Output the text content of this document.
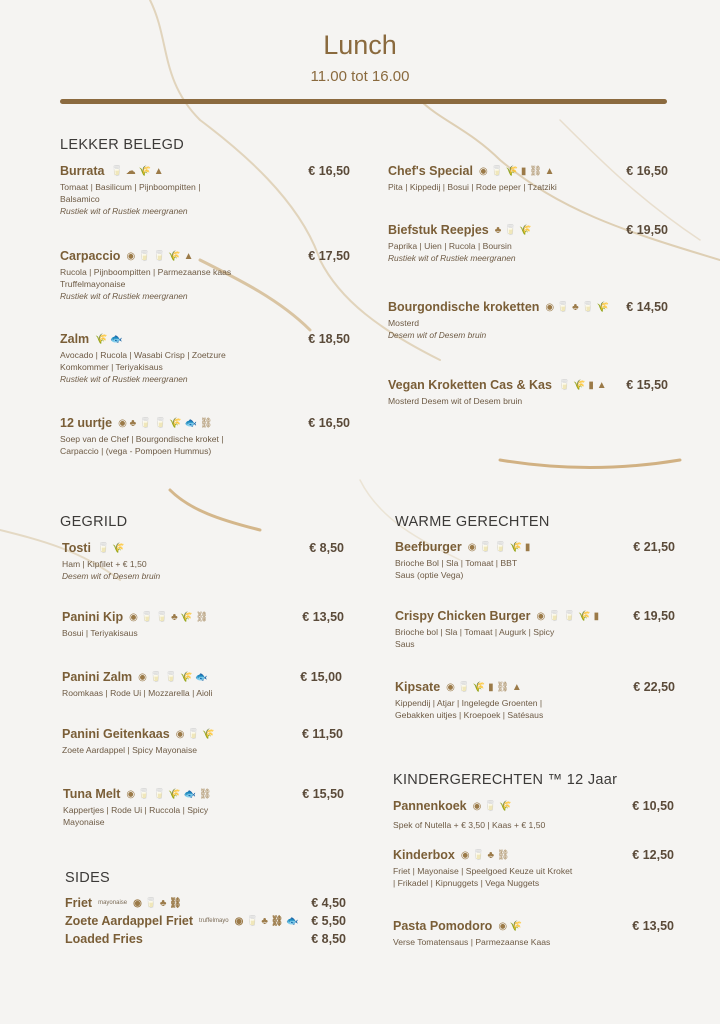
Lunch
11.00 tot 16.00
LEKKER BELEGD
GEGRILD	WARME GERECHTEN
KINDERGERECHTEN ™ 12 Jaar
SIDES
Burrata 🥛 ☁ 🌾 ▲	€ 16,50
Tomaat | Basilicum | Pijnboompitten | Balsamico
Rustiek wit of Rustiek meergranen
Carpaccio ◉ 🥛 🥛 🌾 ▲	€ 17,50
Rucola | Pijnboompitten | Parmezaanse kaas Truffelmayonaise
Rustiek wit of Rustiek meergranen
Zalm 🌾 🐟	€ 18,50
Avocado | Rucola | Wasabi Crisp | Zoetzure Komkommer | Teriyakisaus
Rustiek wit of Rustiek meergranen
12 uurtje ◉ ♣ 🥛 🥛 🌾 🐟 ⛓	€ 16,50
Soep van de Chef | Bourgondische kroket | Carpaccio | (vega - Pompoen Hummus)
Chef's Special ◉ 🥛 🌾 ▮ ⛓ ▲	€ 16,50
Pita | Kippedij | Bosui | Rode peper | Tzatziki
Biefstuk Reepjes ♣ 🥛 🌾	€ 19,50
Paprika | Uien | Rucola | Boursin
Rustiek wit of Rustiek meergranen
Bourgondische kroketten ◉ 🥛 ♣ 🥛 🌾 € 14,50
Mosterd
Desem wit of Desem bruin
Vegan Kroketten Cas & Kas 🥛 🌾 ▮ ▲ € 15,50
Mosterd Desem wit of Desem bruin
Tosti 🥛 🌾	€ 8,50
Ham | Kipfilet + € 1,50
Desem wit of Desem bruin
Panini Kip ◉ 🥛 🥛 ♣ 🌾 ⛓	€ 13,50
Bosui | Teriyakisaus
Panini Zalm ◉ 🥛 🥛 🌾 🐟	€ 15,00
Roomkaas | Rode Ui | Mozzarella | Aioli
Panini Geitenkaas ◉ 🥛 🌾	€ 11,50
Zoete Aardappel | Spicy Mayonaise
Tuna Melt ◉ 🥛 🥛 🌾 🐟 ⛓	€ 15,50
Kappertjes | Rode Ui | Ruccola | Spicy Mayonaise
Beefburger ◉ 🥛 🥛 🌾 ▮	€ 21,50
Brioche Bol | Sla | Tomaat | BBT Saus (optie Vega)
Crispy Chicken Burger ◉ 🥛 🥛 🌾 ▮	€ 19,50
Brioche bol | Sla | Tomaat | Augurk | Spicy Saus
Kipsate ◉ 🥛 🌾 ▮ ⛓ ▲	€ 22,50
Kippendij | Atjar | Ingelegde Groenten | Gebakken uitjes | Kroepoek | Satésaus
Pannenkoek ◉ 🥛 🌾	€ 10,50
Spek of Nutella + € 3,50 | Kaas + € 1,50
Kinderbox ◉ 🥛 ♣ ⛓	€ 12,50
Friet | Mayonaise | Speelgoed Keuze uit Kroket | Frikadel | Kipnuggets | Vega Nuggets
Pasta Pomodoro ◉ 🌾	€ 13,50
Verse Tomatensaus | Parmezaanse Kaas
Friet mayonaise ◉ 🥛 ♣ ⛓	€ 4,50
Zoete Aardappel Friet truffelmayo ◉ 🥛 ♣ ⛓ 🐟 € 5,50
Loaded Fries	€ 8,50
